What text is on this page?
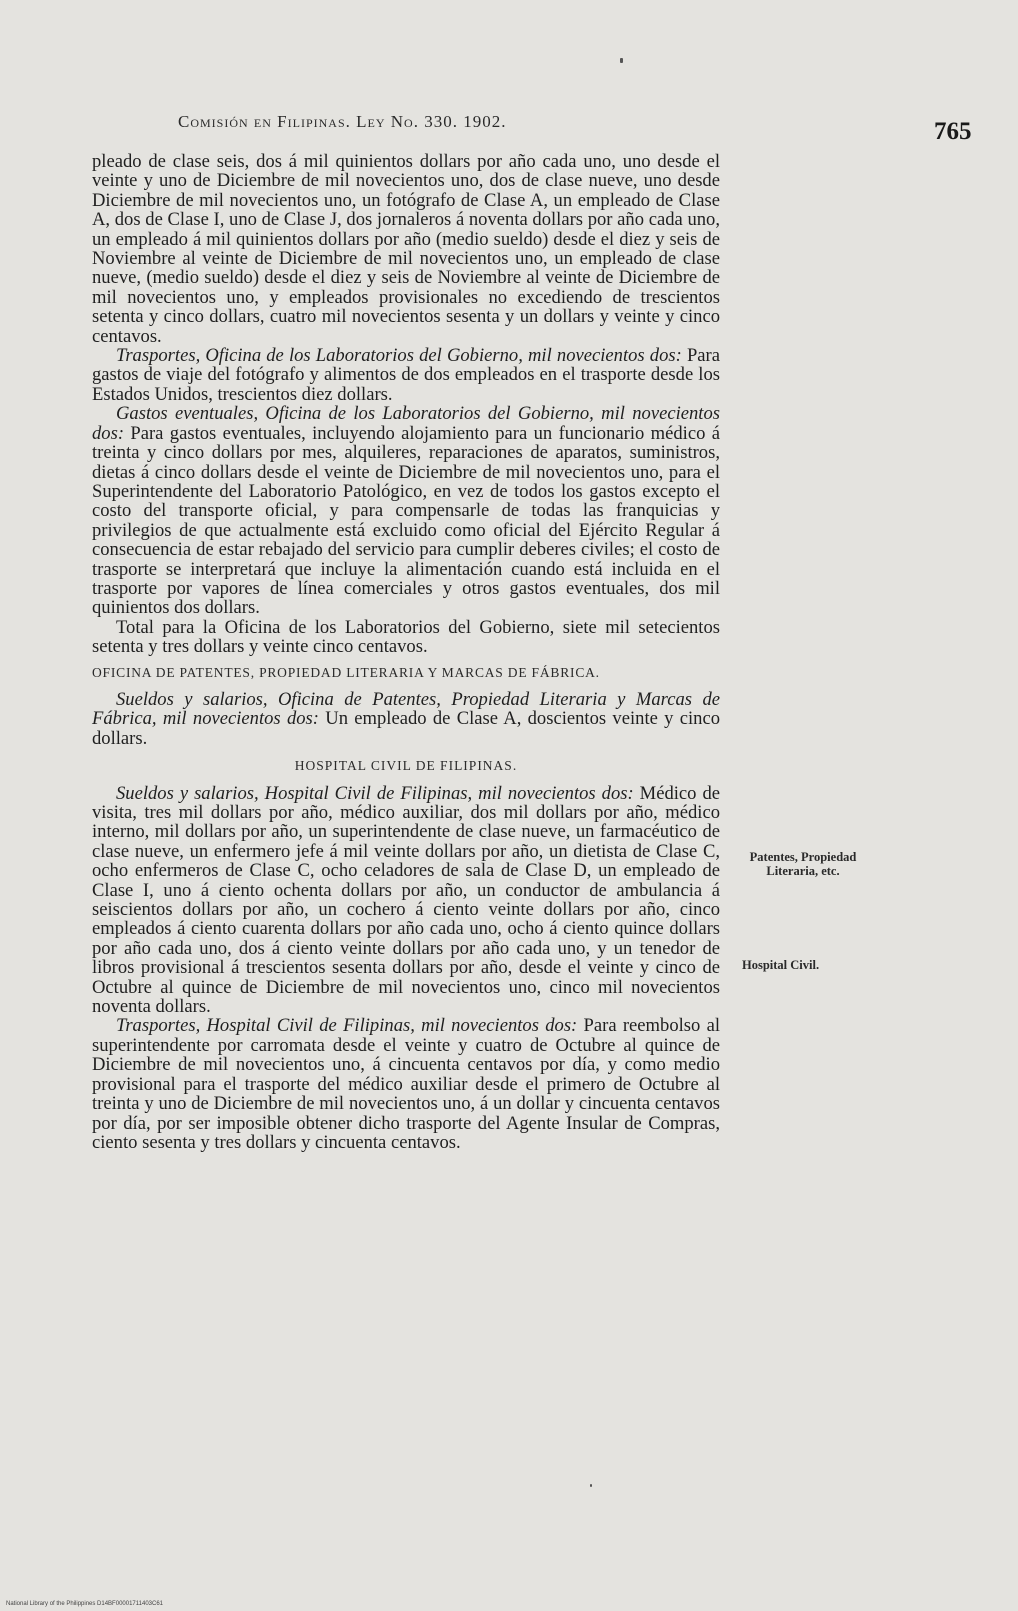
Comisión en Filipinas. Ley No. 330. 1902.	765

pleado de clase seis, dos á mil quinientos dollars por año cada uno, uno desde el veinte y uno de Diciembre de mil novecientos uno, dos de clase nueve, uno desde Diciembre de mil novecientos uno, un fotógrafo de Clase A, un empleado de Clase A, dos de Clase I, uno de Clase J, dos jornaleros á noventa dollars por año cada uno, un empleado á mil quinientos dollars por año (medio sueldo) desde el diez y seis de Noviembre al veinte de Diciembre de mil novecientos uno, un empleado de clase nueve, (medio sueldo) desde el diez y seis de Noviembre al veinte de Diciembre de mil novecientos uno, y empleados provisionales no excediendo de trescientos setenta y cinco dollars, cuatro mil novecientos sesenta y un dollars y veinte y cinco centavos.

Trasportes, Oficina de los Laboratorios del Gobierno, mil novecientos dos: Para gastos de viaje del fotógrafo y alimentos de dos empleados en el trasporte desde los Estados Unidos, trescientos diez dollars.

Gastos eventuales, Oficina de los Laboratorios del Gobierno, mil novecientos dos: Para gastos eventuales, incluyendo alojamiento para un funcionario médico á treinta y cinco dollars por mes, alquileres, reparaciones de aparatos, suministros, dietas á cinco dollars desde el veinte de Diciembre de mil novecientos uno, para el Superintendente del Laboratorio Patológico, en vez de todos los gastos excepto el costo del transporte oficial, y para compensarle de todas las franquicias y privilegios de que actualmente está excluido como oficial del Ejército Regular á consecuencia de estar rebajado del servicio para cumplir deberes civiles; el costo de trasporte se interpretará que incluye la alimentación cuando está incluida en el trasporte por vapores de línea comerciales y otros gastos eventuales, dos mil quinientos dos dollars.

Total para la Oficina de los Laboratorios del Gobierno, siete mil setecientos setenta y tres dollars y veinte cinco centavos.

OFICINA DE PATENTES, PROPIEDAD LITERARIA Y MARCAS DE FÁBRICA.

Sueldos y salarios, Oficina de Patentes, Propiedad Literaria y Marcas de Fábrica, mil novecientos dos: Un empleado de Clase A, doscientos veinte y cinco dollars.

HOSPITAL CIVIL DE FILIPINAS.

Sueldos y salarios, Hospital Civil de Filipinas, mil novecientos dos: Médico de visita, tres mil dollars por año, médico auxiliar, dos mil dollars por año, médico interno, mil dollars por año, un superintendente de clase nueve, un farmacéutico de clase nueve, un enfermero jefe á mil veinte dollars por año, un dietista de Clase C, ocho enfermeros de Clase C, ocho celadores de sala de Clase D, un empleado de Clase I, uno á ciento ochenta dollars por año, un conductor de ambulancia á seiscientos dollars por año, un cochero á ciento veinte dollars por año, cinco empleados á ciento cuarenta dollars por año cada uno, ocho á ciento quince dollars por año cada uno, dos á ciento veinte dollars por año cada uno, y un tenedor de libros provisional á trescientos sesenta dollars por año, desde el veinte y cinco de Octubre al quince de Diciembre de mil novecientos uno, cinco mil novecientos noventa dollars.

Trasportes, Hospital Civil de Filipinas, mil novecientos dos: Para reembolso al superintendente por carromata desde el veinte y cuatro de Octubre al quince de Diciembre de mil novecientos uno, á cincuenta centavos por día, y como medio provisional para el trasporte del médico auxiliar desde el primero de Octubre al treinta y uno de Diciembre de mil novecientos uno, á un dollar y cincuenta centavos por día, por ser imposible obtener dicho trasporte del Agente Insular de Compras, ciento sesenta y tres dollars y cincuenta centavos.

Patentes, Propiedad Literaria, etc.
Hospital Civil.
National Library of the Philippines D14BF00001711403C61
